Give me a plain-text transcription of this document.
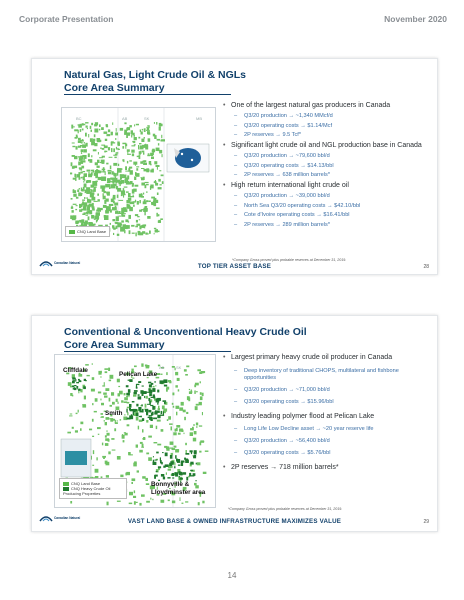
Corporate Presentation	November 2020
Natural Gas, Light Crude Oil & NGLs
Core Area Summary
BC	AB	SK	MB
CNQ Land Base
• One of the largest natural gas producers in Canada
– Q3/20 production → ~1,340 MMcf/d
– Q3/20 operating costs → $1.14/Mcf
– 2P reserves → 9.5 Tcf*
• Significant light crude oil and NGL production base in Canada
– Q3/20 production → ~79,600 bbl/d
– Q3/20 operating costs → $14.13/bbl
– 2P reserves → 638 million barrels*
• High return international light crude oil
– Q3/20 production → ~39,000 bbl/d
– North Sea Q3/20 operating costs → $42.10/bbl
– Cote d'Ivoire operating costs → $16.41/bbl
– 2P reserves → 289 million barrels*
*Company Gross proved plus probable reserves at December 31, 2019.
Canadian Natural	TOP TIER ASSET BASE	28
Conventional & Unconventional Heavy Crude Oil
Core Area Summary
AB	SK
Cliffdale
Pelican Lake
Smith
Bonnyville & Lloydminster area
CNQ Land Base
CNQ Heavy Crude Oil Producing Properties
• Largest primary heavy crude oil producer in Canada
– Deep inventory of traditional CHOPS, multilateral and fishbone opportunities
– Q3/20 production → ~71,000 bbl/d
– Q3/20 operating costs → $15.96/bbl
• Industry leading polymer flood at Pelican Lake
– Long Life Low Decline asset → ~20 year reserve life
– Q3/20 production → ~56,400 bbl/d
– Q3/20 operating costs → $5.76/bbl
• 2P reserves → 718 million barrels*
*Company Gross proved plus probable reserves at December 31, 2019.
Canadian Natural	VAST LAND BASE & OWNED INFRASTRUCTURE MAXIMIZES VALUE	29
14
